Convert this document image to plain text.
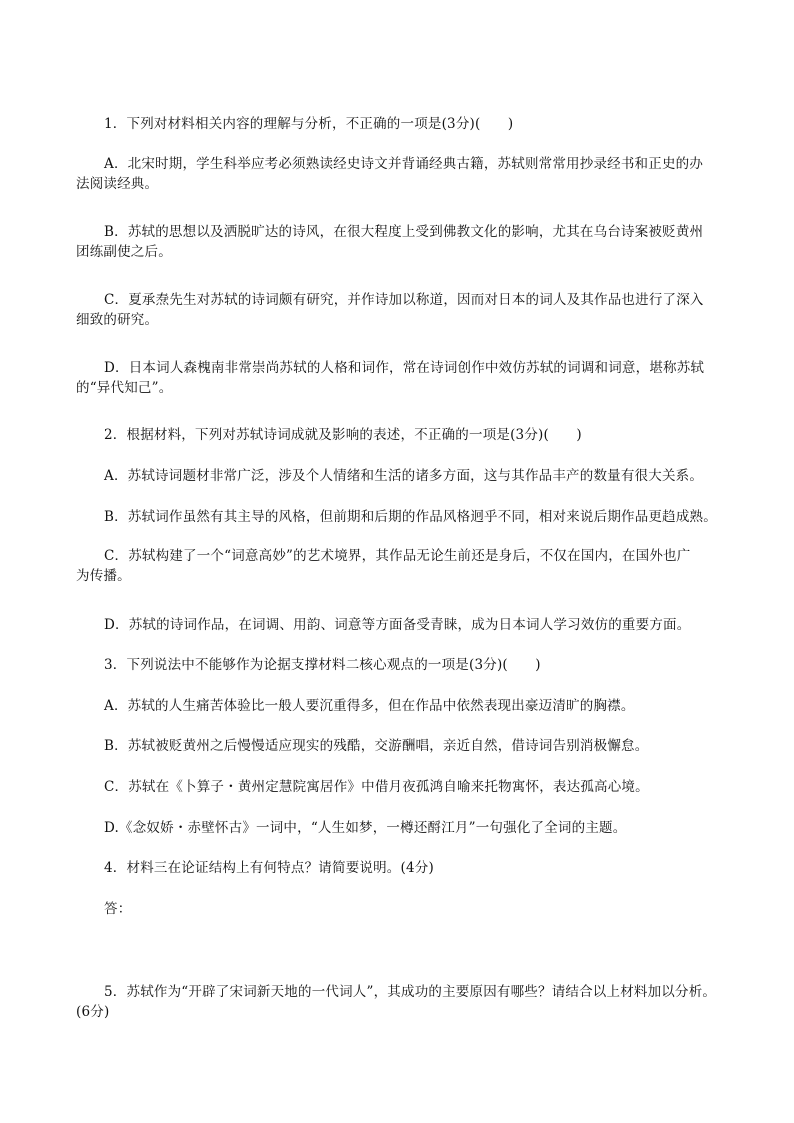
1．下列对材料相关内容的理解与分析，不正确的一项是(3分)(　　)
A．北宋时期，学生科举应考必须熟读经史诗文并背诵经典古籍，苏轼则常常用抄录经书和正史的办
法阅读经典。
B．苏轼的思想以及洒脱旷达的诗风，在很大程度上受到佛教文化的影响，尤其在乌台诗案被贬黄州
团练副使之后。
C．夏承焘先生对苏轼的诗词颇有研究，并作诗加以称道，因而对日本的词人及其作品也进行了深入
细致的研究。
D．日本词人森槐南非常崇尚苏轼的人格和词作，常在诗词创作中效仿苏轼的词调和词意，堪称苏轼
的“异代知己”。
2．根据材料，下列对苏轼诗词成就及影响的表述，不正确的一项是(3分)(　　)
A．苏轼诗词题材非常广泛，涉及个人情绪和生活的诸多方面，这与其作品丰产的数量有很大关系。
B．苏轼词作虽然有其主导的风格，但前期和后期的作品风格迥乎不同，相对来说后期作品更趋成熟。
C．苏轼构建了一个“词意高妙”的艺术境界，其作品无论生前还是身后，不仅在国内，在国外也广
为传播。
D．苏轼的诗词作品，在词调、用韵、词意等方面备受青睐，成为日本词人学习效仿的重要方面。
3．下列说法中不能够作为论据支撑材料二核心观点的一项是(3分)(　　)
A．苏轼的人生痛苦体验比一般人要沉重得多，但在作品中依然表现出豪迈清旷的胸襟。
B．苏轼被贬黄州之后慢慢适应现实的残酷，交游酬唱，亲近自然，借诗词告别消极懈怠。
C．苏轼在《卜算子・黄州定慧院寓居作》中借月夜孤鸿自喻来托物寓怀，表达孤高心境。
D.《念奴娇・赤壁怀古》一词中，“人生如梦，一樽还酹江月”一句强化了全词的主题。
4．材料三在论证结构上有何特点？请简要说明。(4分)
答：
5．苏轼作为“开辟了宋词新天地的一代词人”，其成功的主要原因有哪些？请结合以上材料加以分析。
(6分)
